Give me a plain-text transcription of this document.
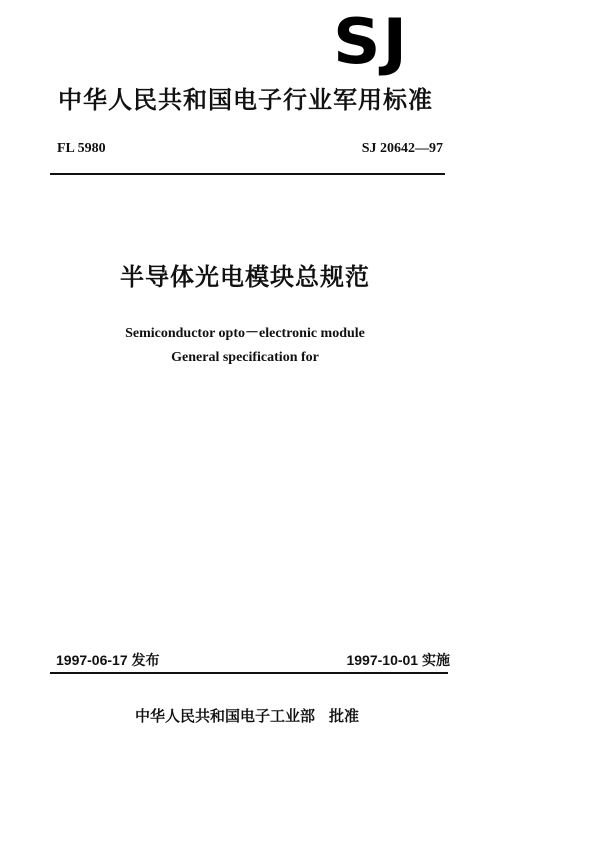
SJ
中华人民共和国电子行业军用标准
FL 5980	SJ 20642—97
半导体光电模块总规范
Semiconductor opto－electronic module
General specification for
1997-06-17 发布	1997-10-01 实施
中华人民共和国电子工业部 批准
